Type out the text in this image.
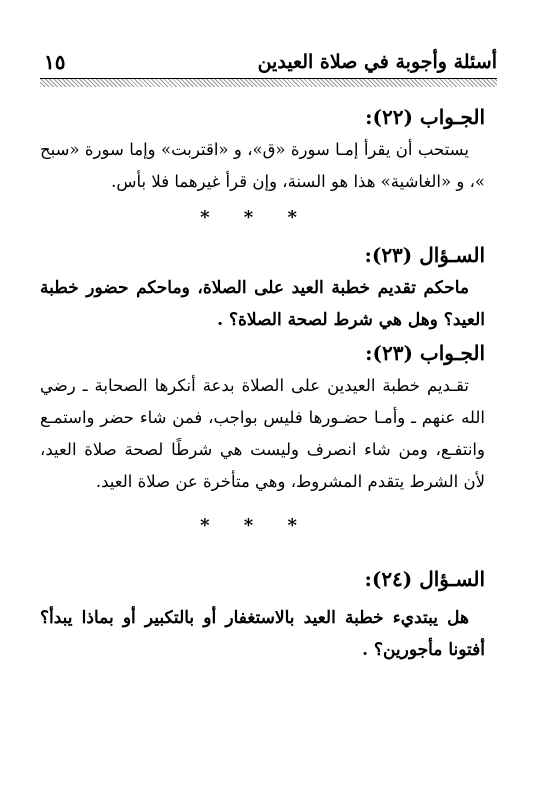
أسئلة وأجوبة في صلاة العيدين
١٥
الجـواب (٢٢):
يستحب أن يقرأ إمـا سورة «ق»، و «اقتربت» وإما سورة «سبح »، و «الغاشية» هذا هو السنة، وإن قرأ غيرهما فلا بأس.
* * *
السـؤال (٢٣):
ماحكم تقديم خطبة العيد على الصلاة، وماحكم حضور خطبة العيد؟ وهل هي شرط لصحة الصلاة؟ .
الجـواب (٢٣):
تقـديم خطبة العيدين على الصلاة بدعة أنكرها الصحابة ـ رضي الله عنهم ـ وأمـا حضـورها فليس بواجب، فمن شاء حضر واستمـع وانتفـع، ومن شاء انصرف وليست هي شرطًا لصحة صلاة العيد، لأن الشرط يتقدم المشروط، وهي متأخرة عن صلاة العيد.
* * *
السـؤال (٢٤):
هل يبتديء خطبة العيد بالاستغفار أو بالتكبير أو بماذا يبدأ؟ أفتونا مأجورين؟ .
